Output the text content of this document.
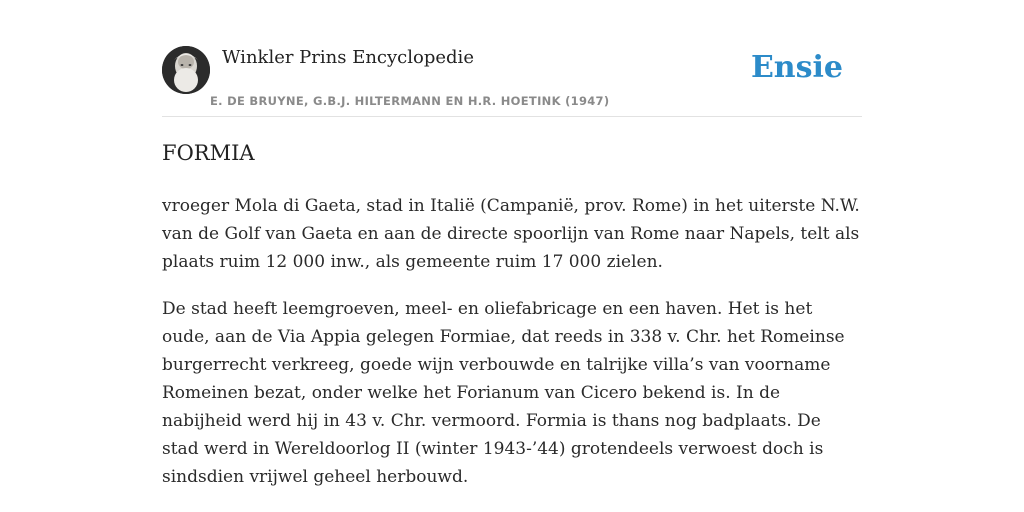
Winkler Prins Encyclopedie
E. DE BRUYNE, G.B.J. HILTERMANN EN H.R. HOETINK (1947)
Ensie
FORMIA

vroeger Mola di Gaeta, stad in Italië (Campanië, prov. Rome) in het uiterste N.W. van de Golf van Gaeta en aan de directe spoorlijn van Rome naar Napels, telt als plaats ruim 12 000 inw., als gemeente ruim 17 000 zielen.

De stad heeft leemgroeven, meel- en oliefabricage en een haven. Het is het oude, aan de Via Appia gelegen Formiae, dat reeds in 338 v. Chr. het Romeinse burgerrecht verkreeg, goede wijn verbouwde en talrijke villa’s van voorname Romeinen bezat, onder welke het Forianum van Cicero bekend is. In de nabijheid werd hij in 43 v. Chr. vermoord. Formia is thans nog badplaats. De stad werd in Wereldoorlog II (winter 1943-’44) grotendeels verwoest doch is sindsdien vrijwel geheel herbouwd.
